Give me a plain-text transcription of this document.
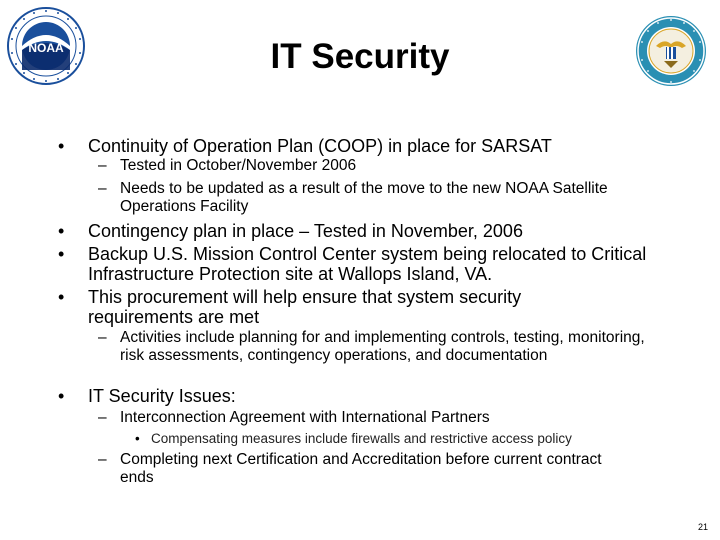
NOAA	IT Security
• Continuity of Operation Plan (COOP) in place for SARSAT
– Tested in October/November 2006
– Needs to be updated as a result of the move to the new NOAA Satellite Operations Facility
• Contingency plan in place – Tested in November, 2006
• Backup U.S. Mission Control Center system being relocated to Critical Infrastructure Protection site at Wallops Island, VA.
• This procurement will help ensure that system security requirements are met
– Activities include planning for and implementing controls, testing, monitoring, risk assessments, contingency operations, and documentation
• IT Security Issues:
– Interconnection Agreement with International Partners
• Compensating measures include firewalls and restrictive access policy
– Completing next Certification and Accreditation before current contract ends
21
